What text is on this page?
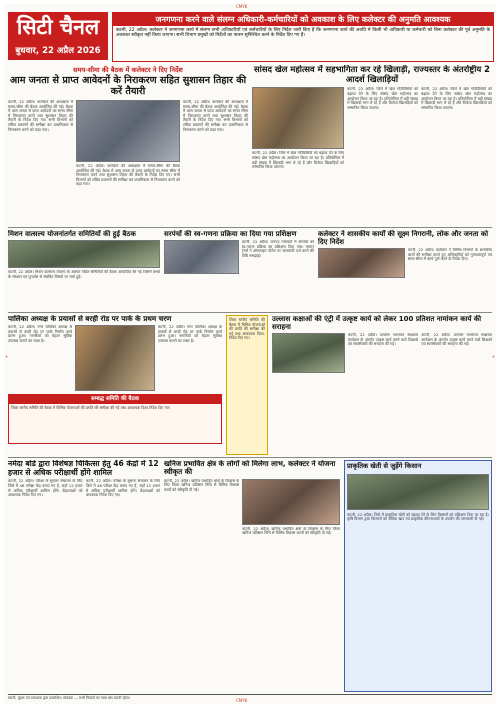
CMYK
सिटी चैनल
बुधवार, 22 अप्रैल 2026
जनगणना करने वाले संलग्न अधिकारी-कर्मचारियों को अवकाश के लिए कलेक्टर की अनुमति आवश्यक
कटनी, 22 अप्रैल। कलेक्टर ने जनगणना कार्य में संलग्न सभी अधिकारियों एवं कर्मचारियों के लिए निर्देश जारी किए हैं कि जनगणना कार्य की अवधि में किसी भी अधिकारी या कर्मचारी को बिना कलेक्टर की पूर्व अनुमति के अवकाश स्वीकृत नहीं किया जाएगा। सभी विभाग प्रमुखों को निर्देशों का पालन सुनिश्चित करने के निर्देश दिए गए हैं।
समय-सीमा की बैठक में कलेक्टर ने दिए निर्देश
आम जनता से प्राप्त आवेदनों के निराकरण सहित सुशासन तिहार की करें तैयारी
कटनी, 22 अप्रैल। कलेक्टर की अध्यक्षता में समय-सीमा की बैठक आयोजित की गई। बैठक में आम जनता से प्राप्त आवेदनों का समय सीमा में निराकरण करने तथा सुशासन तिहार की तैयारी के निर्देश दिए गए। सभी विभागों को लंबित प्रकरणों की समीक्षा कर प्राथमिकता से निराकरण करने को कहा गया।
कटनी, 22 अप्रैल। कलेक्टर की अध्यक्षता में समय-सीमा की बैठक आयोजित की गई। बैठक में आम जनता से प्राप्त आवेदनों का समय सीमा में निराकरण करने तथा सुशासन तिहार की तैयारी के निर्देश दिए गए। सभी विभागों को लंबित प्रकरणों की समीक्षा कर प्राथमिकता से निराकरण करने को कहा गया।
कटनी, 22 अप्रैल। कलेक्टर की अध्यक्षता में समय-सीमा की बैठक आयोजित की गई। बैठक में आम जनता से प्राप्त आवेदनों का समय सीमा में निराकरण करने तथा सुशासन तिहार की तैयारी के निर्देश दिए गए। सभी विभागों को लंबित प्रकरणों की समीक्षा कर प्राथमिकता से निराकरण करने को कहा गया।
सांसद खेल महोत्सव में सहभागिता कर रहे खिलाड़ी, राज्यस्तर के अंतर्राष्ट्रीय 2 आदर्श खिलाड़ियों
कटनी, 22 अप्रैल। जिले में खेल गतिविधियों को बढ़ावा देने के लिए सांसद खेल महोत्सव का आयोजन किया जा रहा है। प्रतियोगिता में बड़ी संख्या में खिलाड़ी भाग ले रहे हैं और विजेता खिलाड़ियों को सम्मानित किया जाएगा।
कटनी, 22 अप्रैल। जिले में खेल गतिविधियों को बढ़ावा देने के लिए सांसद खेल महोत्सव का आयोजन किया जा रहा है। प्रतियोगिता में बड़ी संख्या में खिलाड़ी भाग ले रहे हैं और विजेता खिलाड़ियों को सम्मानित किया जाएगा।
कटनी, 22 अप्रैल। जिले में खेल गतिविधियों को बढ़ावा देने के लिए सांसद खेल महोत्सव का आयोजन किया जा रहा है। प्रतियोगिता में बड़ी संख्या में खिलाड़ी भाग ले रहे हैं और विजेता खिलाड़ियों को सम्मानित किया जाएगा।
मिशन वात्सल्य योजनांतर्गत समितियों की हुई बैठक
कटनी, 22 अप्रैल। मिशन वात्सल्य योजना के अंतर्गत गठित समितियों की बैठक आयोजित की गई जिसमें बच्चों के संरक्षण एवं पुनर्वास से संबंधित विषयों पर चर्चा हुई।
सरपंचों की स्व-गणना प्रक्रिया का दिया गया प्रशिक्षण
कटनी, 22 अप्रैल। जनपद पंचायतों में सरपंचों को स्व-गणना प्रक्रिया का प्रशिक्षण दिया गया। मास्टर ट्रेनर्स ने ऑनलाइन पोर्टल पर जानकारी दर्ज करने की विधि समझाई।
कलेक्टर ने शासकीय कार्यों की सूक्ष्म निगरानी, लोक और जनता को दिए निर्देश
कटनी, 22 अप्रैल। कलेक्टर ने विभिन्न विभागों के शासकीय कार्यों की समीक्षा करते हुए अधिकारियों को गुणवत्तापूर्ण एवं समय सीमा में कार्य पूर्ण करने के निर्देश दिए।
पालिका अध्यक्ष के प्रयासों से बरही रोड पर पार्क के प्रथम चरण
कटनी, 22 अप्रैल। नगर पालिका अध्यक्ष के प्रयासों से बरही रोड पर पार्क निर्माण कार्य प्रारंभ हुआ। नागरिकों को बेहतर सुविधा उपलब्ध कराने का लक्ष्य है।
कटनी, 22 अप्रैल। नगर पालिका अध्यक्ष के प्रयासों से बरही रोड पर पार्क निर्माण कार्य प्रारंभ हुआ। नागरिकों को बेहतर सुविधा उपलब्ध कराने का लक्ष्य है।
सम्बद्ध समिति की बैठक
जिला स्तरीय समिति की बैठक में विभिन्न योजनाओं की प्रगति की समीक्षा की गई तथा आवश्यक दिशा-निर्देश दिए गए।
जिला स्तरीय समिति की बैठक में विभिन्न योजनाओं की प्रगति की समीक्षा की गई तथा आवश्यक दिशा-निर्देश दिए गए।
उल्लास कक्षाओं की एंट्री में उत्कृष्ट कार्य को लेकर 100 प्रतिशत नामांकन कार्य की सराहना
कटनी, 22 अप्रैल। उल्लास नवभारत साक्षरता कार्यक्रम के अंतर्गत उत्कृष्ट कार्य करने वाले शिक्षकों एवं स्वयंसेवकों की सराहना की गई।
कटनी, 22 अप्रैल। उल्लास नवभारत साक्षरता कार्यक्रम के अंतर्गत उत्कृष्ट कार्य करने वाले शिक्षकों एवं स्वयंसेवकों की सराहना की गई।
नर्मदा बोर्ड द्वारा विशेषज्ञ चिकित्सा हेतु 46 केंद्रों में 12 हजार से अधिक परीक्षार्थी होंगे शामिल
कटनी, 22 अप्रैल। परीक्षा के सुचारू संचालन के लिए जिले में 46 परीक्षा केंद्र बनाए गए हैं, जहाँ 12 हजार से अधिक परीक्षार्थी शामिल होंगे। केंद्राध्यक्षों को आवश्यक निर्देश दिए गए।
कटनी, 22 अप्रैल। परीक्षा के सुचारू संचालन के लिए जिले में 46 परीक्षा केंद्र बनाए गए हैं, जहाँ 12 हजार से अधिक परीक्षार्थी शामिल होंगे। केंद्राध्यक्षों को आवश्यक निर्देश दिए गए।
खनिज प्रभावित क्षेत्र के लोगों को मिलेगा लाभ, कलेक्टर ने योजना स्वीकृत की
कटनी, 22 अप्रैल। खनिज प्रभावित क्षेत्रों के विकास के लिए जिला खनिज प्रतिष्ठान निधि से विभिन्न विकास कार्यों को स्वीकृति दी गई।
कटनी, 22 अप्रैल। खनिज प्रभावित क्षेत्रों के विकास के लिए जिला खनिज प्रतिष्ठान निधि से विभिन्न विकास कार्यों को स्वीकृति दी गई।
प्राकृतिक खेती से जुड़ेंगे किसान
कटनी, 22 अप्रैल। जिले में प्राकृतिक खेती को बढ़ावा देने के लिए किसानों को प्रशिक्षण दिया जा रहा है। कृषि विभाग द्वारा किसानों को जैविक खाद एवं प्राकृतिक कीटनाशकों के उपयोग की जानकारी दी गई।
स्वामी, मुद्रक एवं प्रकाशक द्वारा प्रकाशित। संपादक — सभी विवादों का न्याय क्षेत्र कटनी रहेगा।	CMYK
+	+
